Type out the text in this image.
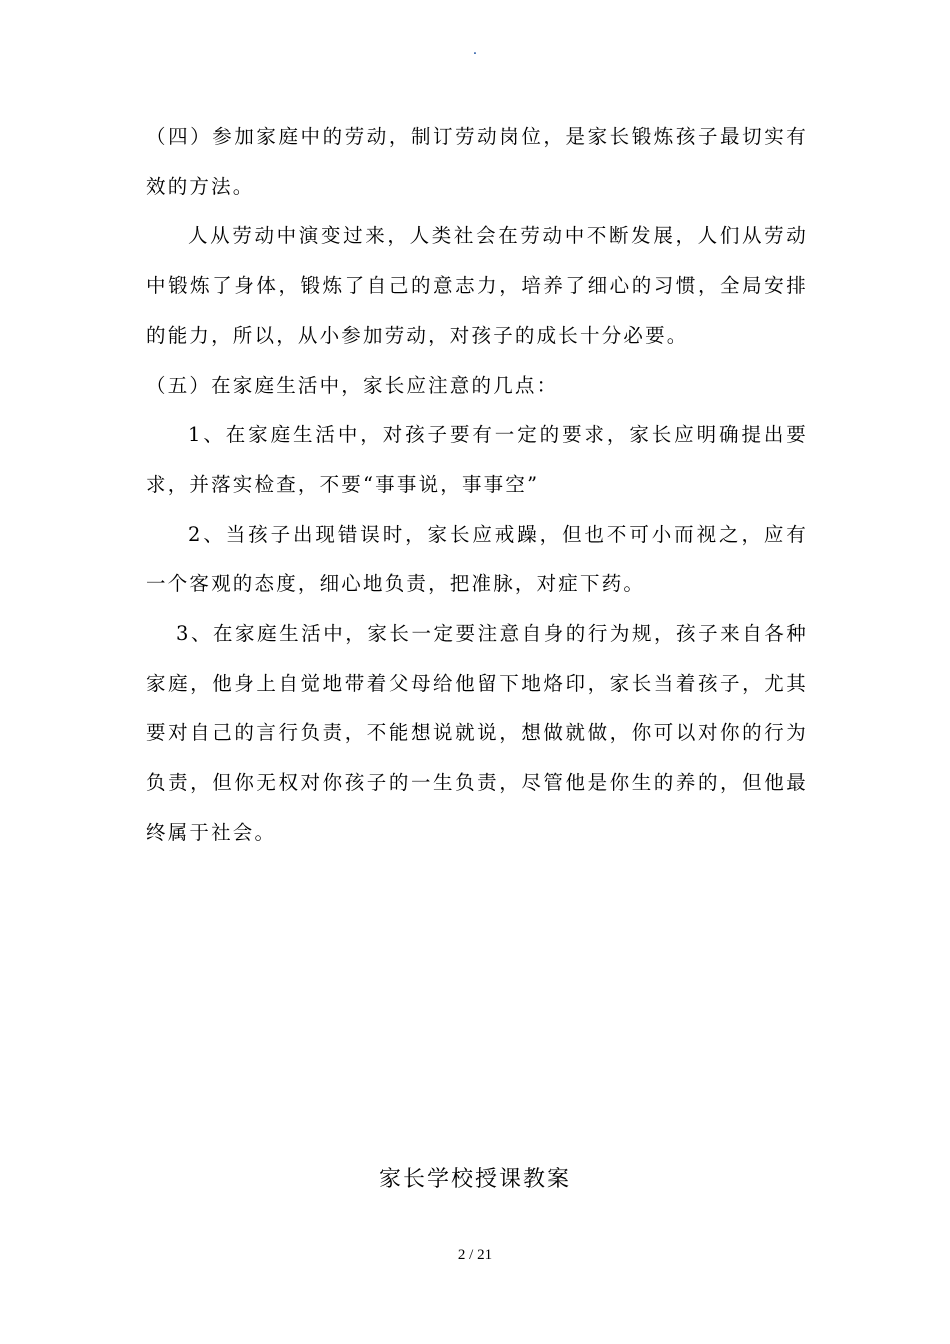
.

（四）参加家庭中的劳动，制订劳动岗位，是家长锻炼孩子最切实有效的方法。

人从劳动中演变过来，人类社会在劳动中不断发展，人们从劳动中锻炼了身体，锻炼了自己的意志力，培养了细心的习惯，全局安排的能力，所以，从小参加劳动，对孩子的成长十分必要。

（五）在家庭生活中，家长应注意的几点：

1、在家庭生活中，对孩子要有一定的要求，家长应明确提出要求，并落实检查，不要“事事说，事事空”

2、当孩子出现错误时，家长应戒躁，但也不可小而视之，应有一个客观的态度，细心地负责，把准脉，对症下药。

3、在家庭生活中，家长一定要注意自身的行为规，孩子来自各种家庭，他身上自觉地带着父母给他留下地烙印，家长当着孩子，尤其要对自己的言行负责，不能想说就说，想做就做，你可以对你的行为负责，但你无权对你孩子的一生负责，尽管他是你生的养的，但他最终属于社会。

家长学校授课教案
2 / 21
